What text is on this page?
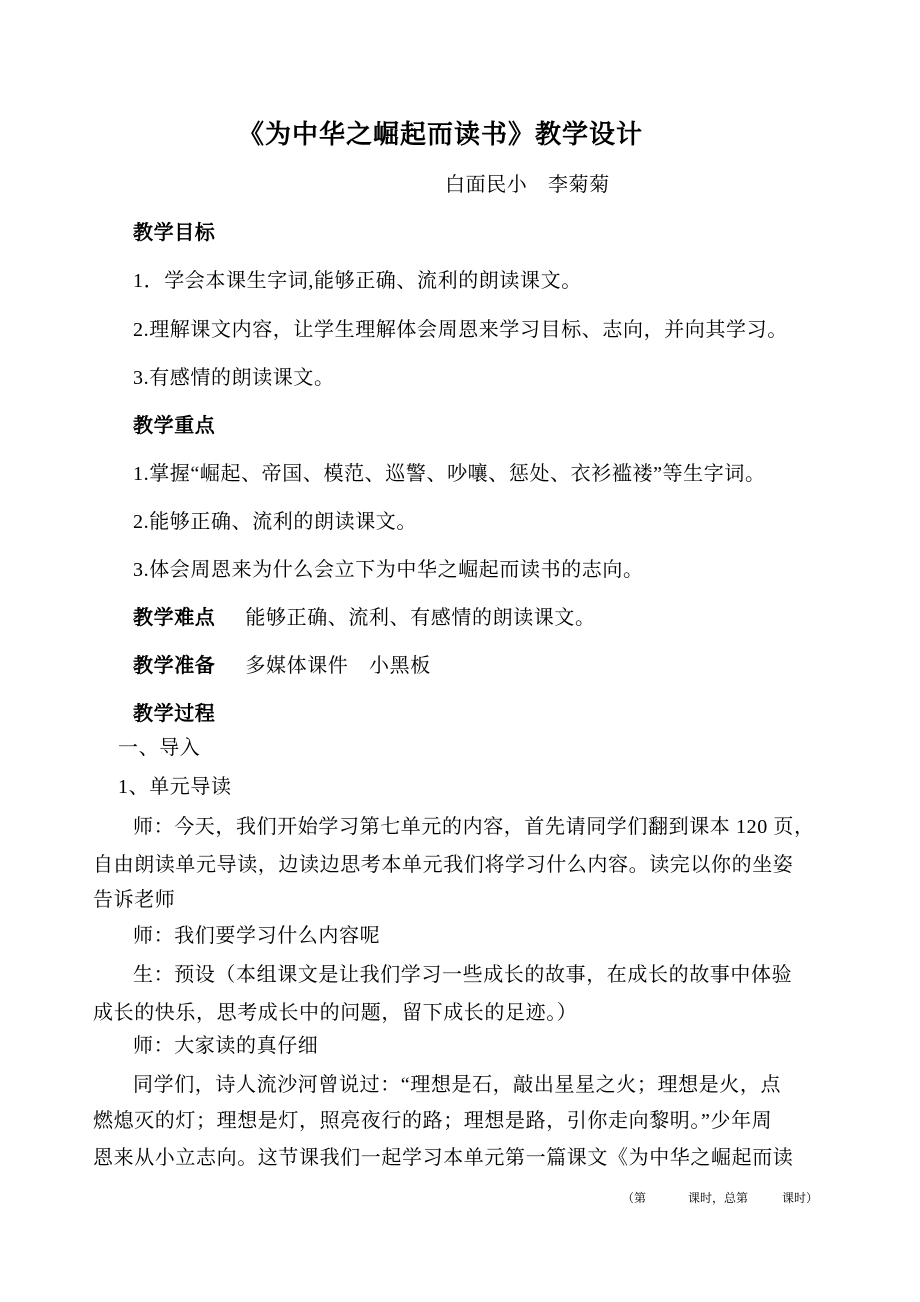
《为中华之崛起而读书》教学设计
白面民小　李菊菊
教学目标
1．学会本课生字词,能够正确、流利的朗读课文。
2.理解课文内容，让学生理解体会周恩来学习目标、志向，并向其学习。
3.有感情的朗读课文。
教学重点
1.掌握“崛起、帝国、模范、巡警、吵嚷、惩处、衣衫褴褛”等生字词。
2.能够正确、流利的朗读课文。
3.体会周恩来为什么会立下为中华之崛起而读书的志向。
教学难点 能够正确、流利、有感情的朗读课文。
教学准备 多媒体课件　小黑板
教学过程
一、导入
1、单元导读
师：今天，我们开始学习第七单元的内容，首先请同学们翻到课本 120 页，
自由朗读单元导读，边读边思考本单元我们将学习什么内容。读完以你的坐姿
告诉老师
师：我们要学习什么内容呢
生：预设（本组课文是让我们学习一些成长的故事，在成长的故事中体验
成长的快乐，思考成长中的问题，留下成长的足迹。）
师：大家读的真仔细
同学们，诗人流沙河曾说过：“理想是石，敲出星星之火；理想是火，点
燃熄灭的灯；理想是灯，照亮夜行的路；理想是路，引你走向黎明。”少年周
恩来从小立志向。这节课我们一起学习本单元第一篇课文《为中华之崛起而读
（第	课时，总第	课时）
